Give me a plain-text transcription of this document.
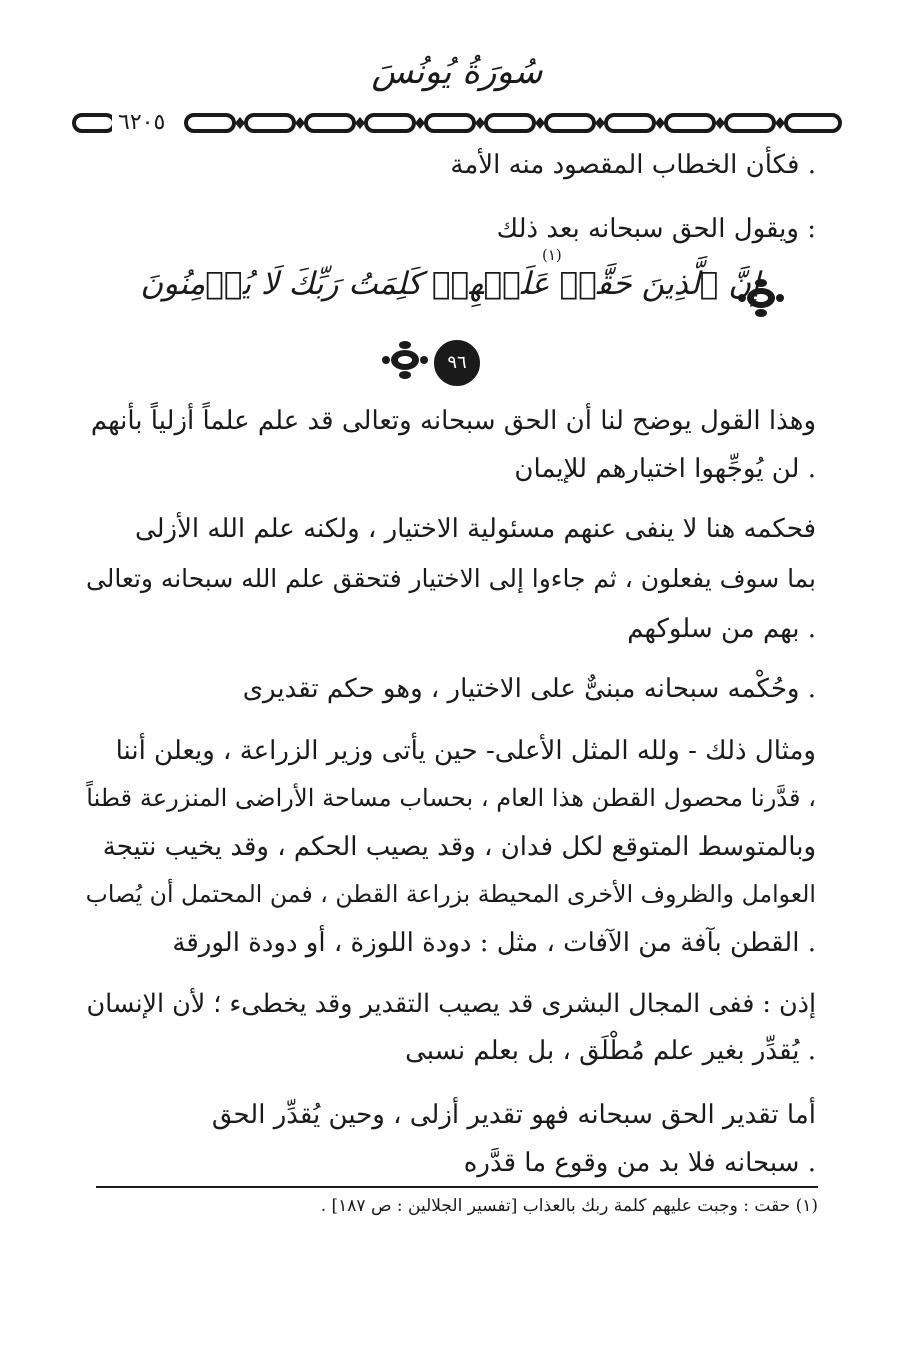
سُورَةُ يُونُسَ
٦٢٠٥
فكأن الخطاب المقصود منه الأمة .
ويقول الحق سبحانه بعد ذلك :
إِنَّ ٱلَّذِينَ حَقَّتۡ عَلَيۡهِمۡ كَلِمَتُ رَبِّكَ لَا يُؤۡمِنُونَ
(١)
٩٦
وهذا القول يوضح لنا أن الحق سبحانه وتعالى قد علم علماً أزلياً بأنهم
لن يُوجِّهوا اختيارهم للإيمان .
فحكمه هنا لا ينفى عنهم مسئولية الاختيار ، ولكنه علم الله الأزلى
بما سوف يفعلون ، ثم جاءوا إلى الاختيار فتحقق علم الله سبحانه وتعالى
بهم من سلوكهم .
وحُكْمه سبحانه مبنىٌّ على الاختيار ، وهو حكم تقديرى .
ومثال ذلك - ولله المثل الأعلى- حين يأتى وزير الزراعة ، ويعلن أننا
قدَّرنا محصول القطن هذا العام ، بحساب مساحة الأراضى المنزرعة قطناً ،
وبالمتوسط المتوقع لكل فدان ، وقد يصيب الحكم ، وقد يخيب نتيجة
العوامل والظروف الأخرى المحيطة بزراعة القطن ، فمن المحتمل أن يُصاب
القطن بآفة من الآفات ، مثل : دودة اللوزة ، أو دودة الورقة .
إذن : ففى المجال البشرى قد يصيب التقدير وقد يخطىء ؛ لأن الإنسان
يُقدِّر بغير علم مُطْلَق ، بل بعلم نسبى .
أما تقدير الحق سبحانه فهو تقدير أزلى ، وحين يُقدِّر الحق
سبحانه فلا بد من وقوع ما قدَّره .
(١) حقت : وجبت عليهم كلمة ربك بالعذاب [تفسير الجلالين : ص ١٨٧] .
